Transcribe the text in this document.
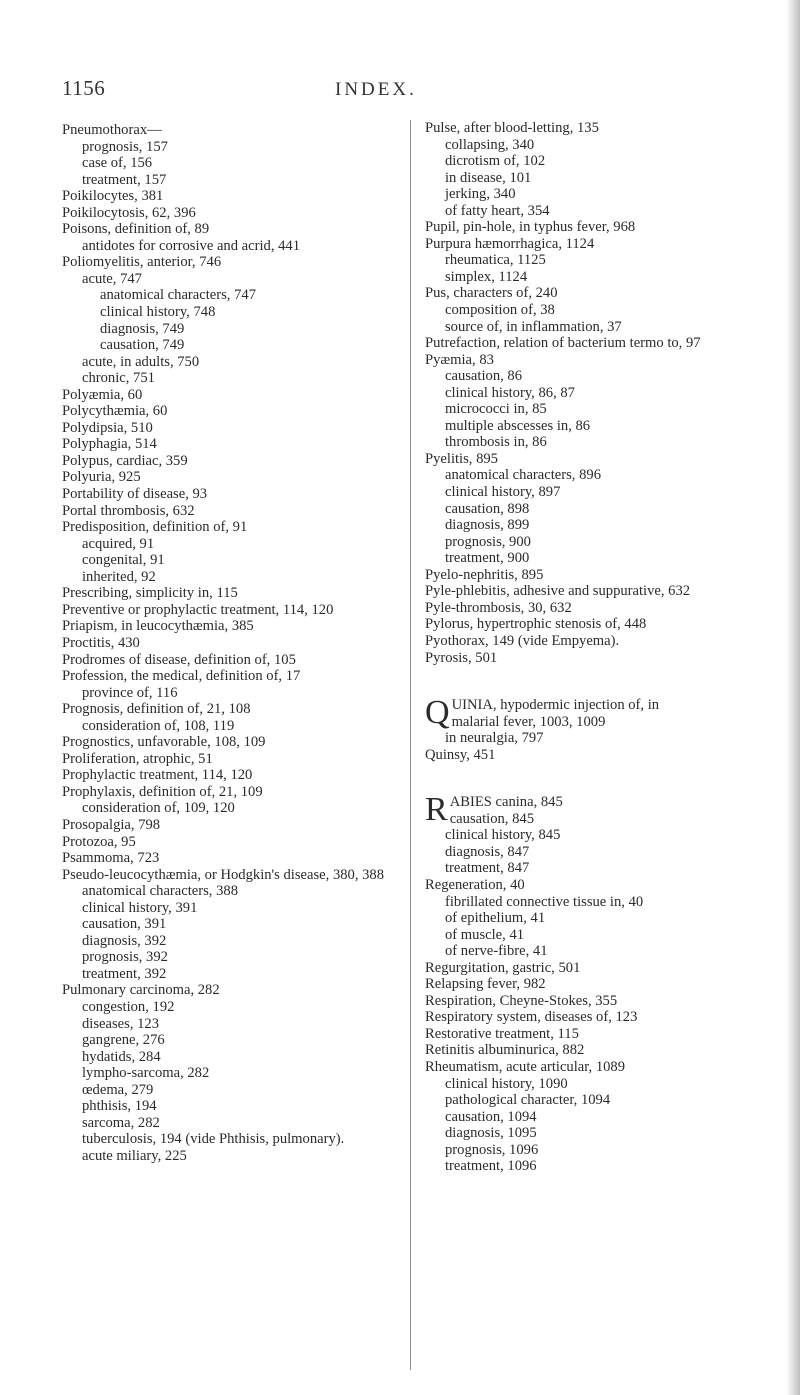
1156	INDEX.
Pneumothorax—
prognosis, 157
case of, 156
treatment, 157
Poikilocytes, 381
Poikilocytosis, 62, 396
Poisons, definition of, 89
antidotes for corrosive and acrid, 441
Poliomyelitis, anterior, 746
acute, 747
anatomical characters, 747
clinical history, 748
diagnosis, 749
causation, 749
acute, in adults, 750
chronic, 751
Polyæmia, 60
Polycythæmia, 60
Polydipsia, 510
Polyphagia, 514
Polypus, cardiac, 359
Polyuria, 925
Portability of disease, 93
Portal thrombosis, 632
Predisposition, definition of, 91
acquired, 91
congenital, 91
inherited, 92
Prescribing, simplicity in, 115
Preventive or prophylactic treatment, 114, 120
Priapism, in leucocythæmia, 385
Proctitis, 430
Prodromes of disease, definition of, 105
Profession, the medical, definition of, 17
province of, 116
Prognosis, definition of, 21, 108
consideration of, 108, 119
Prognostics, unfavorable, 108, 109
Proliferation, atrophic, 51
Prophylactic treatment, 114, 120
Prophylaxis, definition of, 21, 109
consideration of, 109, 120
Prosopalgia, 798
Protozoa, 95
Psammoma, 723
Pseudo-leucocythæmia, or Hodgkin's disease, 380, 388
anatomical characters, 388
clinical history, 391
causation, 391
diagnosis, 392
prognosis, 392
treatment, 392
Pulmonary carcinoma, 282
congestion, 192
diseases, 123
gangrene, 276
hydatids, 284
lympho-sarcoma, 282
œdema, 279
phthisis, 194
sarcoma, 282
tuberculosis, 194 (vide Phthisis, pulmonary).
acute miliary, 225
Pulse, after blood-letting, 135
collapsing, 340
dicrotism of, 102
in disease, 101
jerking, 340
of fatty heart, 354
Pupil, pin-hole, in typhus fever, 968
Purpura hæmorrhagica, 1124
rheumatica, 1125
simplex, 1124
Pus, characters of, 240
composition of, 38
source of, in inflammation, 37
Putrefaction, relation of bacterium termo to, 97
Pyæmia, 83
causation, 86
clinical history, 86, 87
micrococci in, 85
multiple abscesses in, 86
thrombosis in, 86
Pyelitis, 895
anatomical characters, 896
clinical history, 897
causation, 898
diagnosis, 899
prognosis, 900
treatment, 900
Pyelo-nephritis, 895
Pyle-phlebitis, adhesive and suppurative, 632
Pyle-thrombosis, 30, 632
Pylorus, hypertrophic stenosis of, 448
Pyothorax, 149 (vide Empyema).
Pyrosis, 501
Q UINIA, hypodermic injection of, in
malarial fever, 1003, 1009
in neuralgia, 797
Quinsy, 451
R ABIES canina, 845
causation, 845
clinical history, 845
diagnosis, 847
treatment, 847
Regeneration, 40
fibrillated connective tissue in, 40
of epithelium, 41
of muscle, 41
of nerve-fibre, 41
Regurgitation, gastric, 501
Relapsing fever, 982
Respiration, Cheyne-Stokes, 355
Respiratory system, diseases of, 123
Restorative treatment, 115
Retinitis albuminurica, 882
Rheumatism, acute articular, 1089
clinical history, 1090
pathological character, 1094
causation, 1094
diagnosis, 1095
prognosis, 1096
treatment, 1096
